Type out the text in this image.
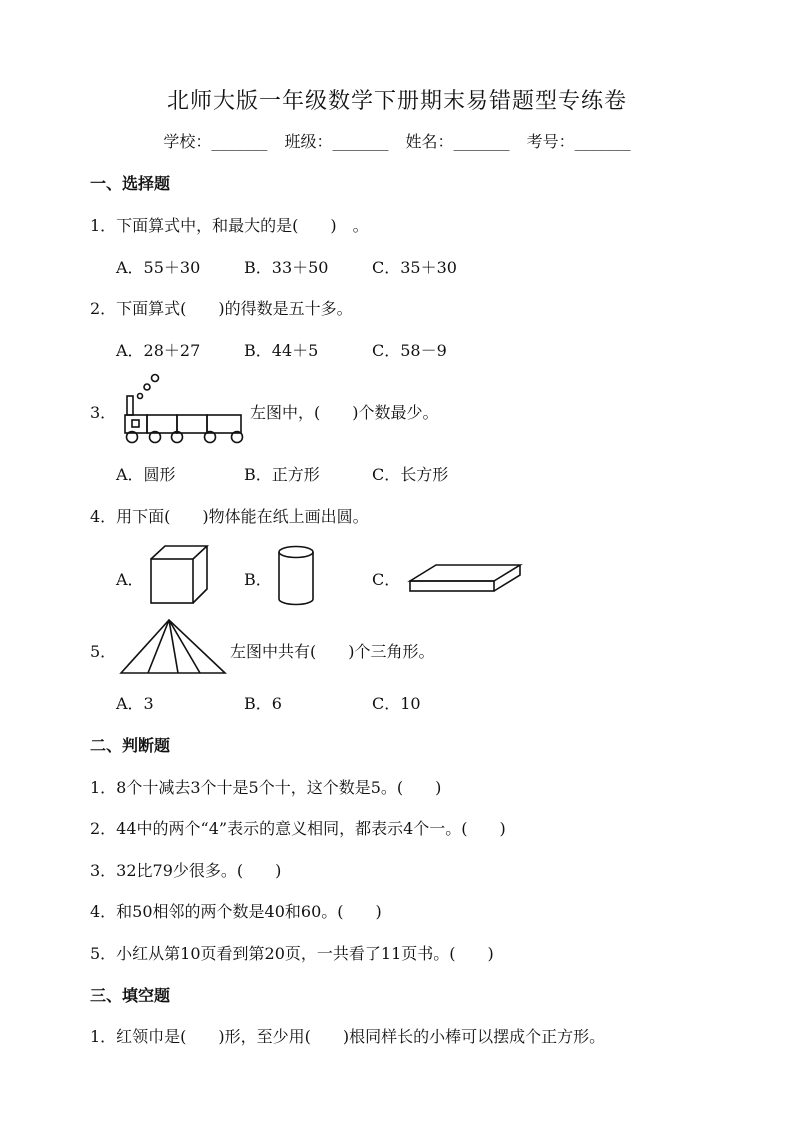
北师大版一年级数学下册期末易错题型专练卷
学校：_______ 班级：_______ 姓名：_______ 考号：_______
一、选择题
1．下面算式中，和最大的是(　　)　。
A．55＋30	B．33＋50	C．35＋30
2．下面算式(　　)的得数是五十多。
A．28＋27	B．44＋5	C．58－9
3．	左图中，(　　)个数最少。
A．圆形	B．正方形	C．长方形
4．用下面(　　)物体能在纸上画出圆。
A．	B．	C．
5．	左图中共有(　　)个三角形。
A．3	B．6	C．10
二、判断题
1．8个十减去3个十是5个十，这个数是5。(　　)
2．44中的两个“4”表示的意义相同，都表示4个一。(　　)
3．32比79少很多。(　　)
4．和50相邻的两个数是40和60。(　　)
5．小红从第10页看到第20页，一共看了11页书。(　　)
三、填空题
1．红领巾是(　　)形，至少用(　　)根同样长的小棒可以摆成个正方形。
